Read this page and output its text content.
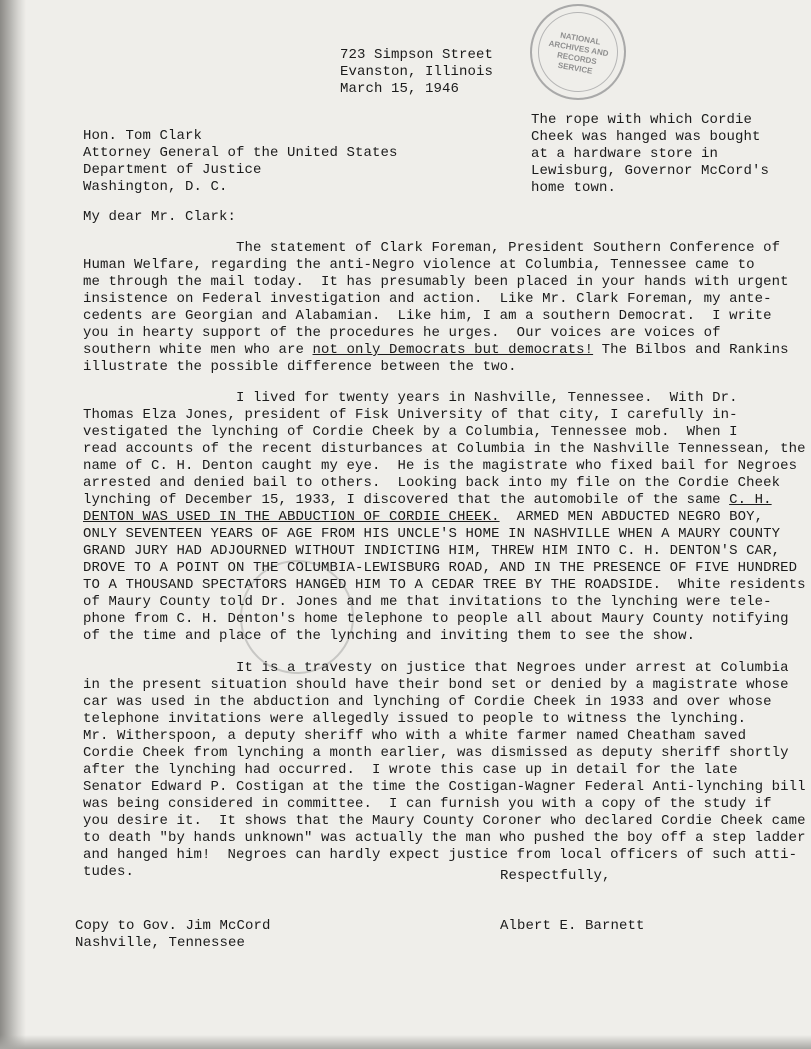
NATIONAL ARCHIVES AND RECORDS SERVICE
723 Simpson Street
Evanston, Illinois
March 15, 1946
Hon. Tom Clark
Attorney General of the United States
Department of Justice
Washington, D. C.
The rope with which Cordie
Cheek was hanged was bought
at a hardware store in
Lewisburg, Governor McCord's
home town.
My dear Mr. Clark:
The statement of Clark Foreman, President Southern Conference of
Human Welfare, regarding the anti-Negro violence at Columbia, Tennessee came to
me through the mail today.  It has presumably been placed in your hands with urgent
insistence on Federal investigation and action.  Like Mr. Clark Foreman, my ante-
cedents are Georgian and Alabamian.  Like him, I am a southern Democrat.  I write
you in hearty support of the procedures he urges.  Our voices are voices of
southern white men who are not only Democrats but democrats! The Bilbos and Rankins
illustrate the possible difference between the two.
I lived for twenty years in Nashville, Tennessee.  With Dr.
Thomas Elza Jones, president of Fisk University of that city, I carefully in-
vestigated the lynching of Cordie Cheek by a Columbia, Tennessee mob.  When I
read accounts of the recent disturbances at Columbia in the Nashville Tennessean, the
name of C. H. Denton caught my eye.  He is the magistrate who fixed bail for Negroes
arrested and denied bail to others.  Looking back into my file on the Cordie Cheek
lynching of December 15, 1933, I discovered that the automobile of the same C. H.
DENTON WAS USED IN THE ABDUCTION OF CORDIE CHEEK.  ARMED MEN ABDUCTED NEGRO BOY,
ONLY SEVENTEEN YEARS OF AGE FROM HIS UNCLE'S HOME IN NASHVILLE WHEN A MAURY COUNTY
GRAND JURY HAD ADJOURNED WITHOUT INDICTING HIM, THREW HIM INTO C. H. DENTON'S CAR,
DROVE TO A POINT ON THE COLUMBIA-LEWISBURG ROAD, AND IN THE PRESENCE OF FIVE HUNDRED
TO A THOUSAND SPECTATORS HANGED HIM TO A CEDAR TREE BY THE ROADSIDE.  White residents
of Maury County told Dr. Jones and me that invitations to the lynching were tele-
phone from C. H. Denton's home telephone to people all about Maury County notifying
of the time and place of the lynching and inviting them to see the show.
It is a travesty on justice that Negroes under arrest at Columbia
in the present situation should have their bond set or denied by a magistrate whose
car was used in the abduction and lynching of Cordie Cheek in 1933 and over whose
telephone invitations were allegedly issued to people to witness the lynching.
Mr. Witherspoon, a deputy sheriff who with a white farmer named Cheatham saved
Cordie Cheek from lynching a month earlier, was dismissed as deputy sheriff shortly
after the lynching had occurred.  I wrote this case up in detail for the late
Senator Edward P. Costigan at the time the Costigan-Wagner Federal Anti-lynching bill
was being considered in committee.  I can furnish you with a copy of the study if
you desire it.  It shows that the Maury County Coroner who declared Cordie Cheek came
to death "by hands unknown" was actually the man who pushed the boy off a step ladder
and hanged him!  Negroes can hardly expect justice from local officers of such atti-
tudes.	Respectfully,
Copy to Gov. Jim McCord
Nashville, Tennessee
Albert E. Barnett
